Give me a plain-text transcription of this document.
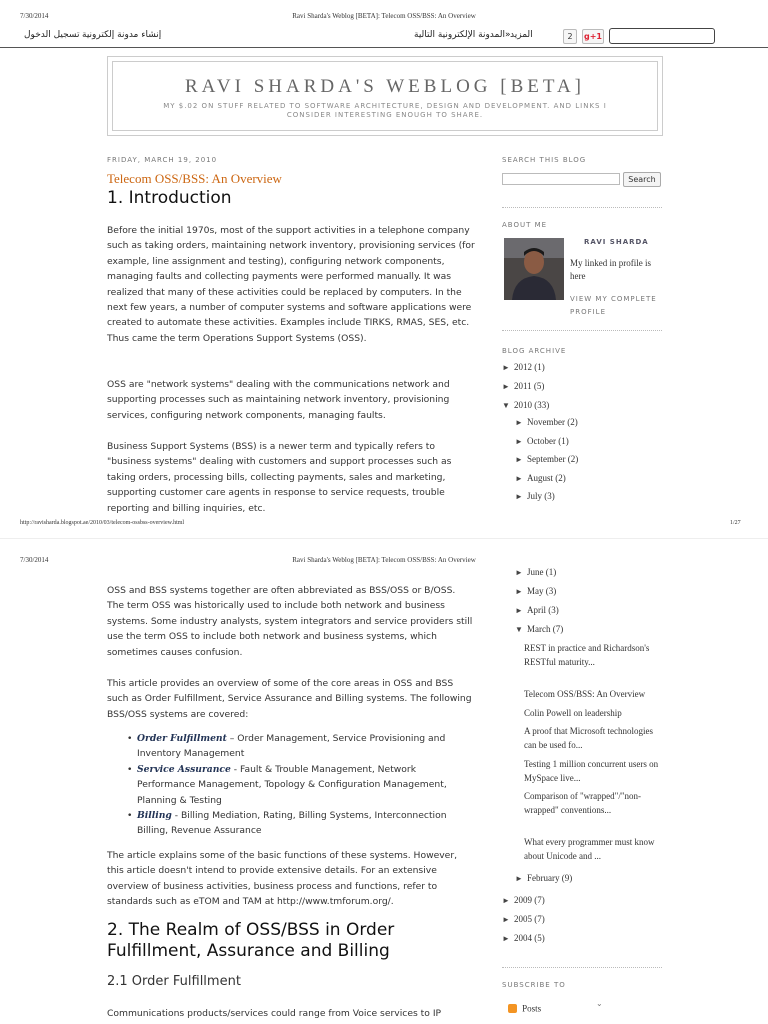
7/30/2014	Ravi Sharda's Weblog [BETA]: Telecom OSS/BSS: An Overview
تسجيل الدخول إنشاء مدونة إلكترونية	المدونة الإلكترونية التالية» المزيد	2	g+1
RAVI SHARDA'S WEBLOG [BETA]
MY $.02 ON STUFF RELATED TO SOFTWARE ARCHITECTURE, DESIGN AND DEVELOPMENT. AND LINKS I CONSIDER INTERESTING ENOUGH TO SHARE.
FRIDAY, MARCH 19, 2010
Telecom OSS/BSS: An Overview
1. Introduction
Before the initial 1970s, most of the support activities in a telephone company such as taking orders, maintaining network inventory, provisioning services (for example, line assignment and testing), configuring network components, managing faults and collecting payments were performed manually. It was realized that many of these activities could be replaced by computers. In the next few years, a number of computer systems and software applications were created to automate these activities. Examples include TIRKS, RMAS, SES, etc. Thus came the term Operations Support Systems (OSS).
OSS are "network systems" dealing with the communications network and supporting processes such as maintaining network inventory, provisioning services, configuring network components, managing faults.
Business Support Systems (BSS) is a newer term and typically refers to "business systems" dealing with customers and support processes such as taking orders, processing bills, collecting payments, sales and marketing, supporting customer care agents in response to service requests, trouble reporting and billing inquiries, etc.
SEARCH THIS BLOG
Search
ABOUT ME
RAVI SHARDA
My linked in profile is here
VIEW MY COMPLETE PROFILE
BLOG ARCHIVE
► 2012 (1)
► 2011 (5)
▼ 2010 (33)
► November (2)
► October (1)
► September (2)
► August (2)
► July (3)
http://ravisharda.blogspot.ae/2010/03/telecom-ossbss-overview.html	1/27
7/30/2014	Ravi Sharda's Weblog [BETA]: Telecom OSS/BSS: An Overview
OSS and BSS systems together are often abbreviated as BSS/OSS or B/OSS. The term OSS was historically used to include both network and business systems. Some industry analysts, system integrators and service providers still use the term OSS to include both network and business systems, which sometimes causes confusion.
This article provides an overview of some of the core areas in OSS and BSS such as Order Fulfillment, Service Assurance and Billing systems. The following BSS/OSS systems are covered:
• Order Fulfillment – Order Management, Service Provisioning and Inventory Management
• Service Assurance - Fault & Trouble Management, Network Performance Management, Topology & Configuration Management, Planning & Testing
• Billing - Billing Mediation, Rating, Billing Systems, Interconnection Billing, Revenue Assurance
The article explains some of the basic functions of these systems. However, this article doesn't intend to provide extensive details. For an extensive overview of business activities, business process and functions, refer to standards such as eTOM and TAM at http://www.tmforum.org/.
2. The Realm of OSS/BSS in Order
Fulfillment, Assurance and Billing
2.1 Order Fulfillment
Communications products/services could range from Voice services to IP
► June (1)
► May (3)
► April (3)
▼ March (7)
REST in practice and Richardson's RESTful maturity...
Telecom OSS/BSS: An Overview
Colin Powell on leadership
A proof that Microsoft technologies can be used fo...
Testing 1 million concurrent users on MySpace live...
Comparison of "wrapped"/"non-wrapped" conventions...
What every programmer must know about Unicode and ...
► February (9)
► 2009 (7)
► 2005 (7)
► 2004 (5)
SUBSCRIBE TO
Posts	⌄
